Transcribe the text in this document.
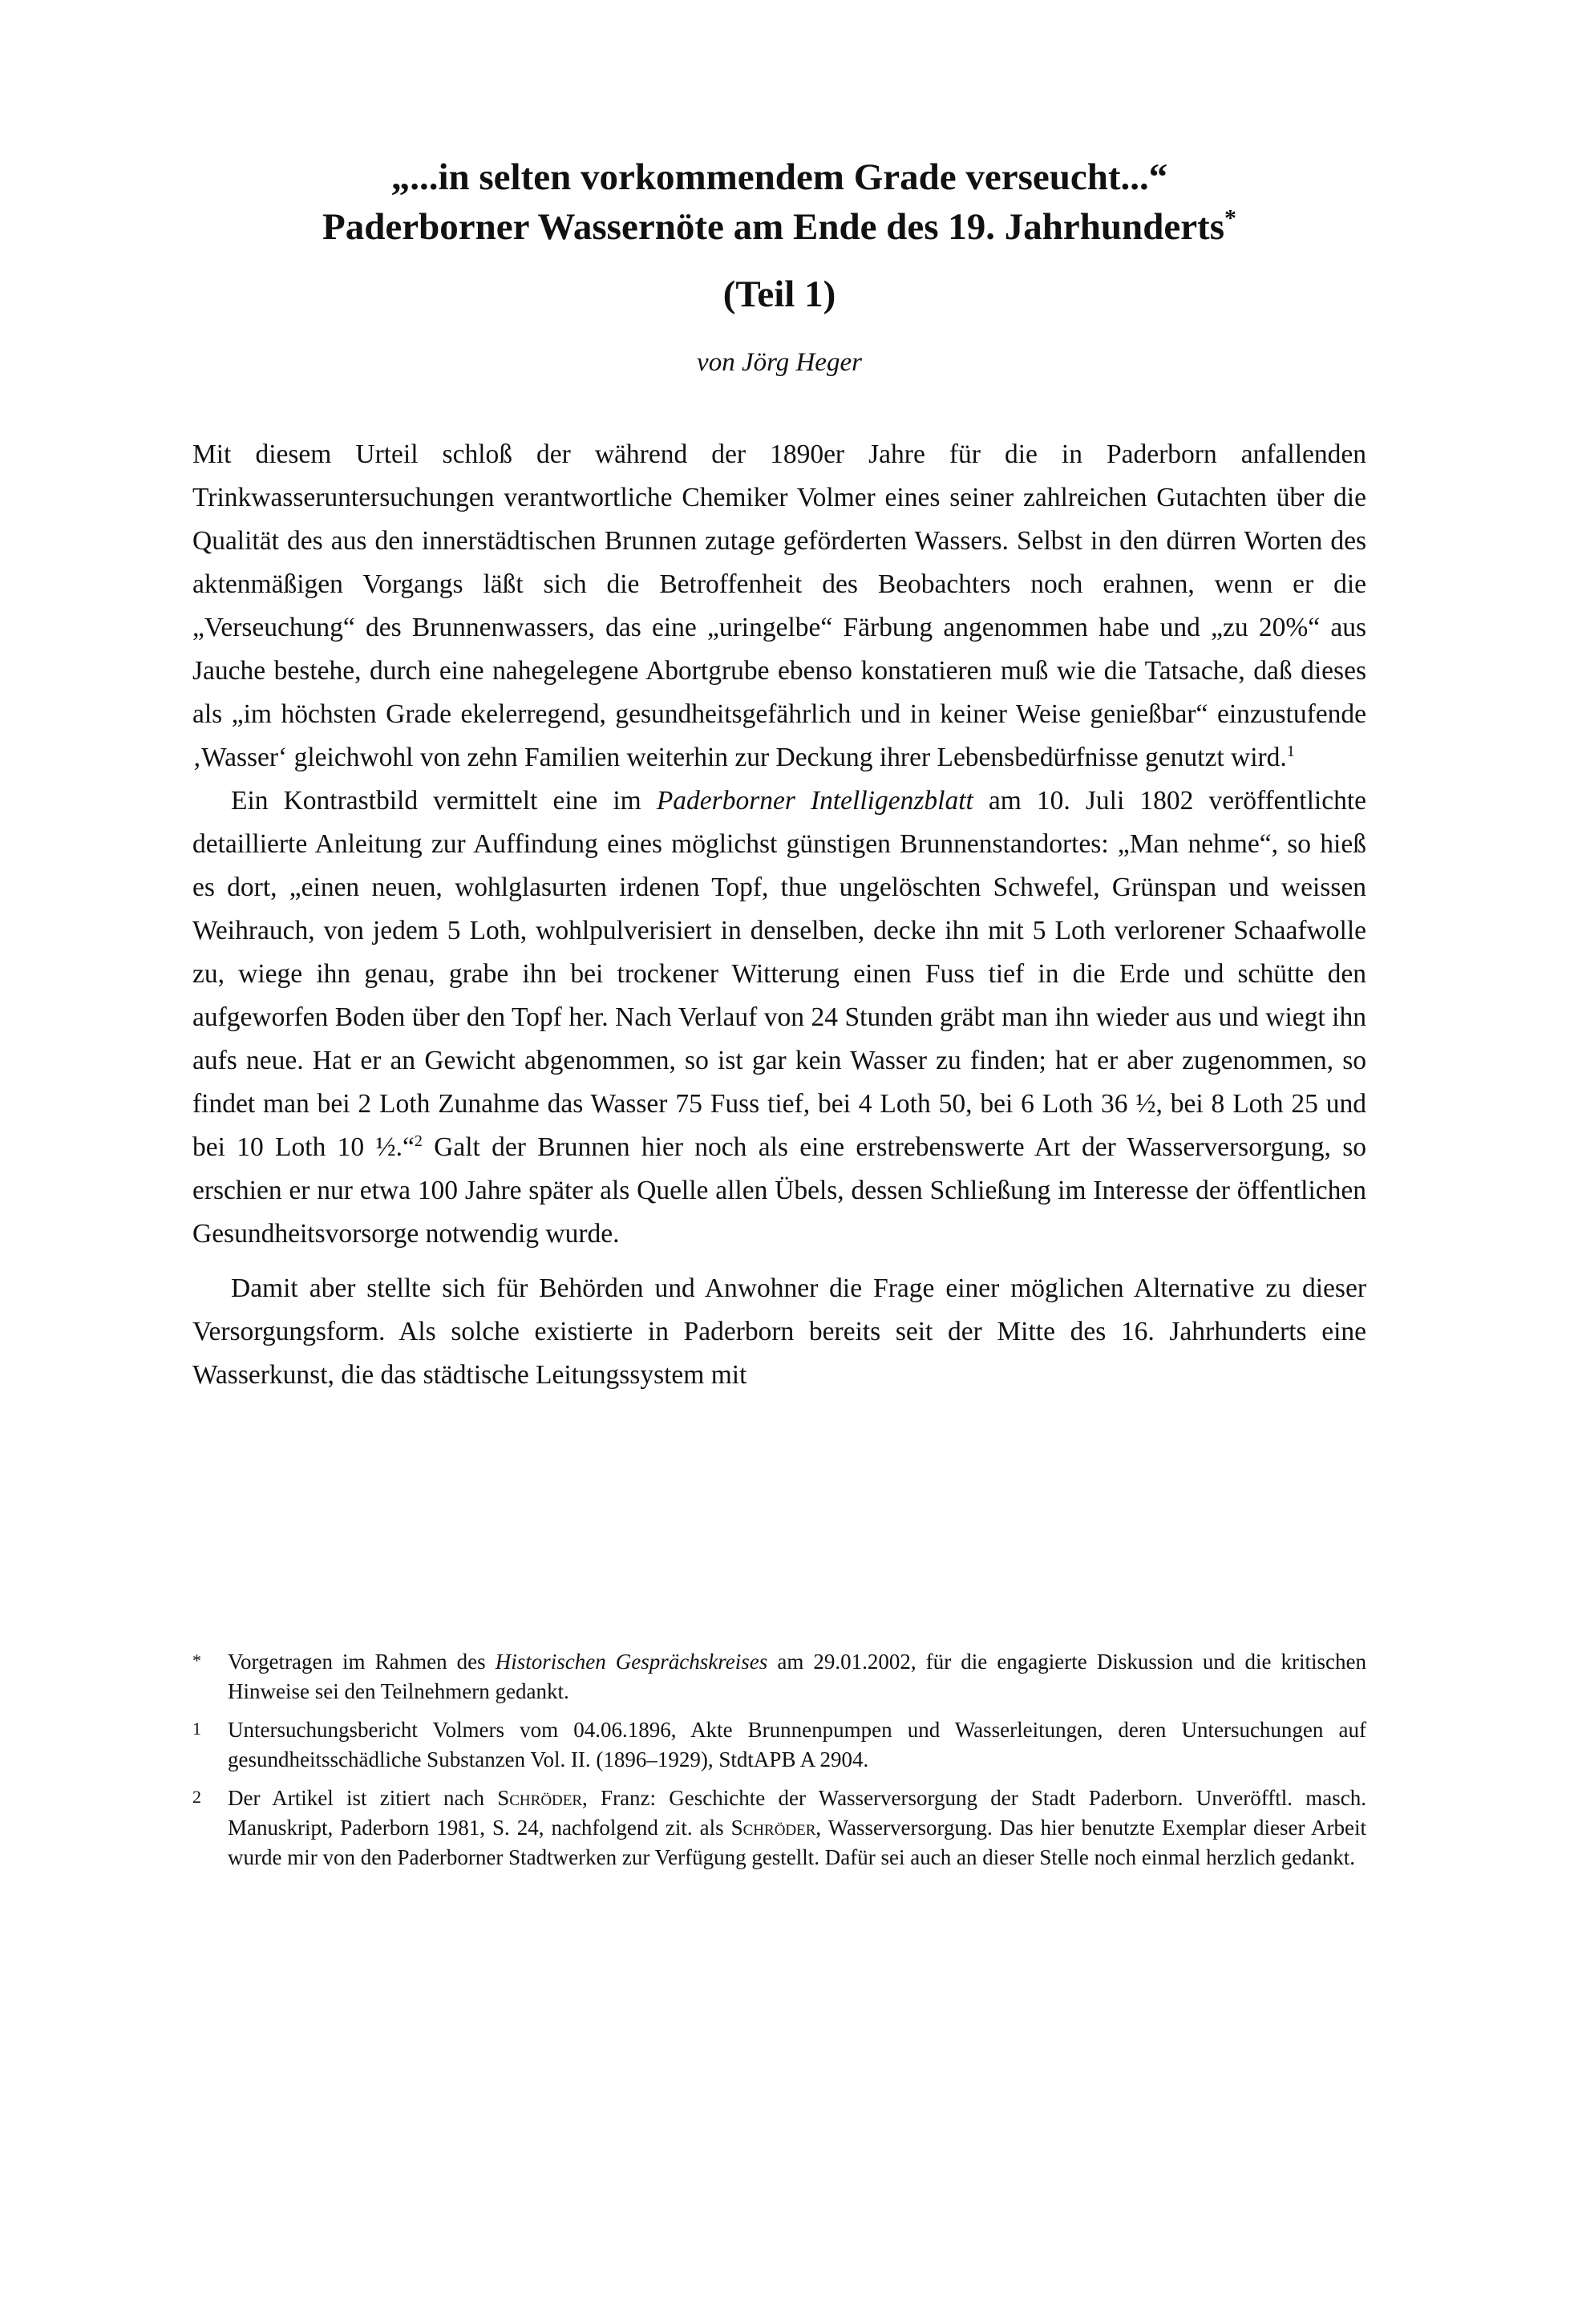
„...in selten vorkommendem Grade verseucht...“
Paderborner Wassernöte am Ende des 19. Jahrhunderts*
(Teil 1)
von Jörg Heger

Mit diesem Urteil schloß der während der 1890er Jahre für die in Paderborn anfallenden Trinkwasseruntersuchungen verantwortliche Chemiker Volmer eines seiner zahlreichen Gutachten über die Qualität des aus den innerstädtischen Brunnen zutage geförderten Wassers. Selbst in den dürren Worten des aktenmäßigen Vorgangs läßt sich die Betroffenheit des Beobachters noch erahnen, wenn er die „Verseuchung“ des Brunnenwassers, das eine „uringelbe“ Färbung angenommen habe und „zu 20%“ aus Jauche bestehe, durch eine nahegelegene Abortgrube ebenso konstatieren muß wie die Tatsache, daß dieses als „im höchsten Grade ekelerregend, gesundheitsgefährlich und in keiner Weise genießbar“ einzustufende ‚Wasser‘ gleichwohl von zehn Familien weiterhin zur Deckung ihrer Lebensbedürfnisse genutzt wird.$^1$

Ein Kontrastbild vermittelt eine im Paderborner Intelligenzblatt am 10. Juli 1802 veröffentlichte detaillierte Anleitung zur Auffindung eines möglichst günstigen Brunnenstandortes: „Man nehme“, so hieß es dort, „einen neuen, wohlglasurten irdenen Topf, thue ungelöschten Schwefel, Grünspan und weissen Weihrauch, von jedem 5 Loth, wohlpulverisiert in denselben, decke ihn mit 5 Loth verlorener Schaafwolle zu, wiege ihn genau, grabe ihn bei trockener Witterung einen Fuss tief in die Erde und schütte den aufgeworfen Boden über den Topf her. Nach Verlauf von 24 Stunden gräbt man ihn wieder aus und wiegt ihn aufs neue. Hat er an Gewicht abgenommen, so ist gar kein Wasser zu finden; hat er aber zugenommen, so findet man bei 2 Loth Zunahme das Wasser 75 Fuss tief, bei 4 Loth 50, bei 6 Loth 36 ½, bei 8 Loth 25 und bei 10 Loth 10 ½.“$^2$ Galt der Brunnen hier noch als eine erstrebenswerte Art der Wasserversorgung, so erschien er nur etwa 100 Jahre später als Quelle allen Übels, dessen Schließung im Interesse der öffentlichen Gesundheitsvorsorge notwendig wurde.

Damit aber stellte sich für Behörden und Anwohner die Frage einer möglichen Alternative zu dieser Versorgungsform. Als solche existierte in Paderborn bereits seit der Mitte des 16. Jahrhunderts eine Wasserkunst, die das städtische Leitungssystem mit

*	Vorgetragen im Rahmen des Historischen Gesprächskreises am 29.01.2002, für die engagierte Diskussion und die kritischen Hinweise sei den Teilnehmern gedankt.
1	Untersuchungsbericht Volmers vom 04.06.1896, Akte Brunnenpumpen und Wasserleitungen, deren Untersuchungen auf gesundheitsschädliche Substanzen Vol. II. (1896–1929), StdtAPB A 2904.
2	Der Artikel ist zitiert nach Schröder, Franz: Geschichte der Wasserversorgung der Stadt Paderborn. Unveröfftl. masch. Manuskript, Paderborn 1981, S. 24, nachfolgend zit. als Schröder, Wasserversorgung. Das hier benutzte Exemplar dieser Arbeit wurde mir von den Paderborner Stadtwerken zur Verfügung gestellt. Dafür sei auch an dieser Stelle noch einmal herzlich gedankt.
